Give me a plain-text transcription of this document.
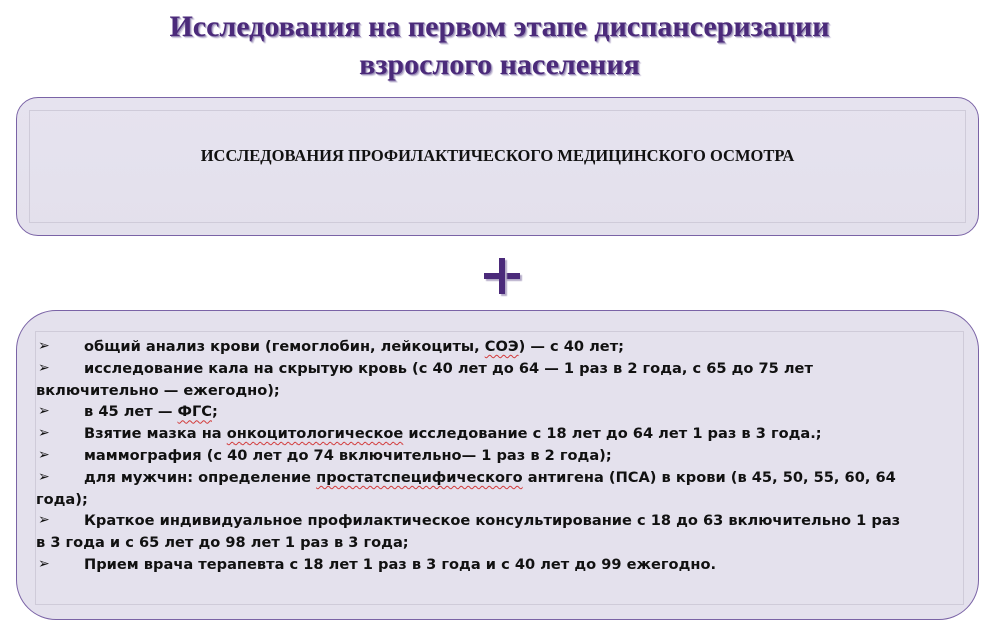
Исследования на первом этапе диспансеризации
взрослого населения
ИССЛЕДОВАНИЯ ПРОФИЛАКТИЧЕСКОГО МЕДИЦИНСКОГО ОСМОТРА
➢ общий анализ крови (гемоглобин, лейкоциты, СОЭ) — с 40 лет;
➢ исследование кала на скрытую кровь (с 40 лет до 64 — 1 раз в 2 года, с 65 до 75 лет
включительно — ежегодно);
➢ в 45 лет — ФГС;
➢ Взятие мазка на онкоцитологическое исследование с 18 лет до 64 лет 1 раз в 3 года.;
➢ маммография (с 40 лет до 74 включительно— 1 раз в 2 года);
➢ для мужчин: определение простатспецифического антигена (ПСА) в крови (в 45, 50, 55, 60, 64
года);
➢ Краткое индивидуальное профилактическое консультирование с 18 до 63 включительно 1 раз
в 3 года и с 65 лет до 98 лет 1 раз в 3 года;
➢ Прием врача терапевта с 18 лет 1 раз в 3 года и с 40 лет до 99 ежегодно.
